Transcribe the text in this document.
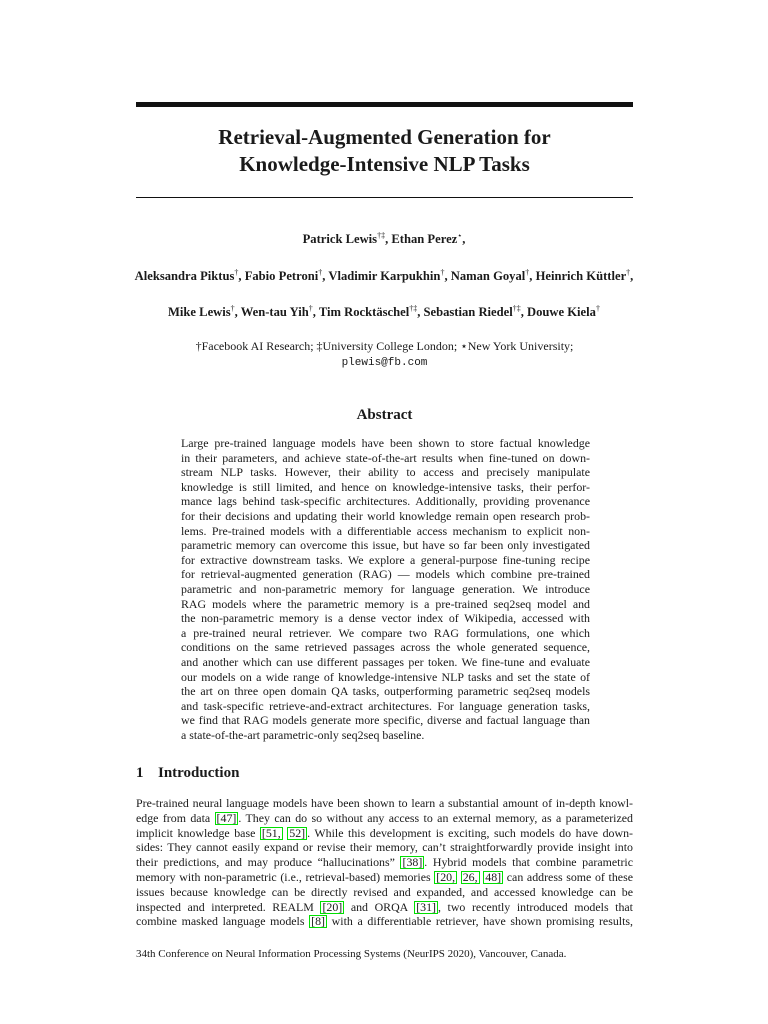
Retrieval-Augmented Generation for
Knowledge-Intensive NLP Tasks
Patrick Lewis†‡, Ethan Perez⋆,
Aleksandra Piktus†, Fabio Petroni†, Vladimir Karpukhin†, Naman Goyal†, Heinrich Küttler†,
Mike Lewis†, Wen-tau Yih†, Tim Rocktäschel†‡, Sebastian Riedel†‡, Douwe Kiela†
†Facebook AI Research; ‡University College London; ⋆New York University;
plewis@fb.com
Abstract
Large pre-trained language models have been shown to store factual knowledge
in their parameters, and achieve state-of-the-art results when fine-tuned on down-
stream NLP tasks. However, their ability to access and precisely manipulate
knowledge is still limited, and hence on knowledge-intensive tasks, their perfor-
mance lags behind task-specific architectures. Additionally, providing provenance
for their decisions and updating their world knowledge remain open research prob-
lems. Pre-trained models with a differentiable access mechanism to explicit non-
parametric memory can overcome this issue, but have so far been only investigated
for extractive downstream tasks. We explore a general-purpose fine-tuning recipe
for retrieval-augmented generation (RAG) — models which combine pre-trained
parametric and non-parametric memory for language generation. We introduce
RAG models where the parametric memory is a pre-trained seq2seq model and
the non-parametric memory is a dense vector index of Wikipedia, accessed with
a pre-trained neural retriever. We compare two RAG formulations, one which
conditions on the same retrieved passages across the whole generated sequence,
and another which can use different passages per token. We fine-tune and evaluate
our models on a wide range of knowledge-intensive NLP tasks and set the state of
the art on three open domain QA tasks, outperforming parametric seq2seq models
and task-specific retrieve-and-extract architectures. For language generation tasks,
we find that RAG models generate more specific, diverse and factual language than
a state-of-the-art parametric-only seq2seq baseline.
1 Introduction
Pre-trained neural language models have been shown to learn a substantial amount of in-depth knowl-
edge from data [47] . They can do so without any access to an external memory, as a parameterized
implicit knowledge base [51, 52] . While this development is exciting, such models do have down-
sides: They cannot easily expand or revise their memory, can’t straightforwardly provide insight into
their predictions, and may produce “hallucinations” [38] . Hybrid models that combine parametric
memory with non-parametric (i.e., retrieval-based) memories [20, 26, 48] can address some of these
issues because knowledge can be directly revised and expanded, and accessed knowledge can be
inspected and interpreted. REALM [20] and ORQA [31] , two recently introduced models that
combine masked language models [8] with a differentiable retriever, have shown promising results,
34th Conference on Neural Information Processing Systems (NeurIPS 2020), Vancouver, Canada.
